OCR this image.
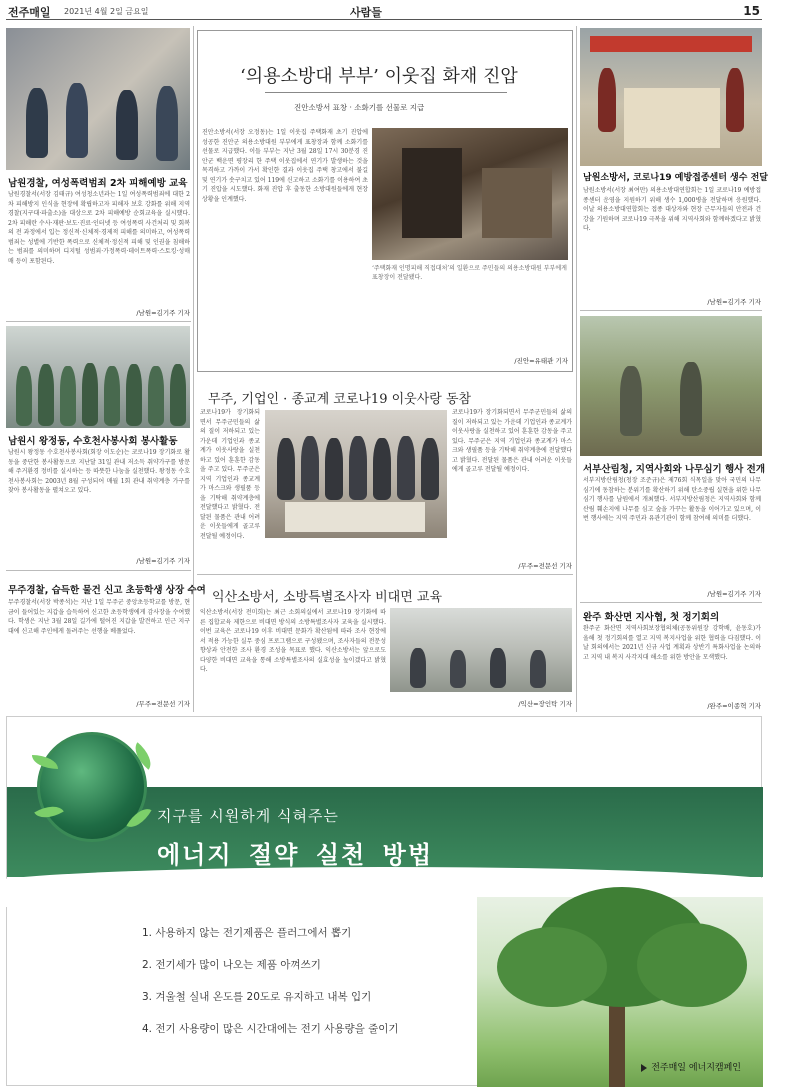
전주매일 2021년 4월 2일 금요일	사람들	15
남원경찰, 여성폭력범죄 2차 피해예방 교육
남원경찰서(서장 김태규) 여성청소년과는 1일 여성폭력범죄에 대한 2차 피해방지 인식을 현장에 확립하고자 피해자 보호 강화를 위해 지역경찰(지구대·파출소)을 대상으로 2차 피해예방 순회교육을 실시했다. 2차 피해란 수사·재판·보도·진료·인터넷 등 여성폭력 사건처리 및 회복의 전 과정에서 입는 정신적·신체적·경제적 피해를 의미하고, 여성폭력범죄는 성별에 기반한 폭력으로 신체적·정신적 피해 및 인권을 침해하는 범죄를 의미하며 디지털 성범죄·가정폭력·데이트폭력·스토킹·성매매 등이 포함된다.
/남원=김기주 기자
남원시 왕정동, 수호천사봉사회 봉사활동
남원시 왕정동 수호천사봉사회(회장 이도순)는 코로나19 장기화로 활동을 중단한 봉사활동으로 지난달 31일 관내 저소득 취약가구를 방문해 주거환경 정비를 실시하는 등 따뜻한 나눔을 실천했다. 왕정동 수호천사봉사회는 2003년 8월 구성되어 매월 1회 관내 취약계층 가구를 찾아 봉사활동을 펼쳐오고 있다.
/남원=김기주 기자
무주경찰, 습득한 물건 신고 초등학생 상장 수여
무주경찰서(서장 박종석)는 지난 1일 무주군 중앙초등학교를 방문, 현금이 들어있는 지갑을 습득하여 신고한 초등학생에게 감사장을 수여했다. 학생은 지난 3월 28일 길가에 떨어진 지갑을 발견하고 인근 지구대에 신고해 주인에게 돌려주는 선행을 베풀었다.
/무주=전문선 기자
‘의용소방대 부부’ 이웃집 화재 진압
진안소방서 표창 · 소화기를 선물로 지급
진안소방서(서장 오정동)는 1일 이웃집 주택화재 초기 진압에 성공한 진안군 의용소방대원 부부에게 표창장과 함께 소화기를 선물로 지급했다. 이들 부부는 지난 3월 28일 17시 30분경 진안군 백운면 평장리 한 주택 이웃집에서 연기가 발생하는 것을 목격하고 가까이 가서 확인한 결과 이웃집 주택 창고에서 불길 및 연기가 솟구치고 있어 119에 신고하고 소화기를 이용하여 초기 진압을 시도했다. 화재 진압 후 출동한 소방대원들에게 현장 상황을 인계했다.
‘주택화재 인명피해 직접대처’의 일환으로 주민들의 의용소방대원 부부에게 표창장이 전달됐다.
/진안=유태관 기자
무주, 기업인 · 종교계 코로나19 이웃사랑 동참
코로나19가 장기화되면서 무주군민들의 삶의 질이 저하되고 있는 가운데 기업인과 종교계가 이웃사랑을 실천하고 있어 훈훈한 감동을 주고 있다. 무주군은 지역 기업인과 종교계가 마스크와 생필품 등을 기탁해 취약계층에 전달했다고 밝혔다. 전달된 물품은 관내 어려운 이웃들에게 골고루 전달될 예정이다.
코로나19가 장기화되면서 무주군민들의 삶의 질이 저하되고 있는 가운데 기업인과 종교계가 이웃사랑을 실천하고 있어 훈훈한 감동을 주고 있다. 무주군은 지역 기업인과 종교계가 마스크와 생필품 등을 기탁해 취약계층에 전달했다고 밝혔다. 전달된 물품은 관내 어려운 이웃들에게 골고루 전달될 예정이다.
/무주=전문선 기자
익산소방서, 소방특별조사자 비대면 교육
익산소방서(서장 전미희)는 최근 소회의실에서 코로나19 장기화에 따른 집합교육 제한으로 비대면 방식의 소방특별조사자 교육을 실시했다. 이번 교육은 코로나19 이후 비대면 문화가 확산됨에 따라 조사 현장에서 적용 가능한 실무 중심 프로그램으로 구성됐으며, 조사자들의 전문성 향상과 안전한 조사 환경 조성을 목표로 했다. 익산소방서는 앞으로도 다양한 비대면 교육을 통해 소방특별조사의 실효성을 높이겠다고 밝혔다.
/익산=장인탁 기자
남원소방서, 코로나19 예방접종센터 생수 전달
남원소방서(서장 최여만) 의용소방대연합회는 1일 코로나19 예방접종센터 운영을 지원하기 위해 생수 1,000병을 전달하며 응원했다. 이날 의용소방대연합회는 접종 대상자와 현장 근무자들의 안전과 건강을 기원하며 코로나19 극복을 위해 지역사회와 함께하겠다고 밝혔다.
/남원=김기주 기자
서부산림청, 지역사회와 나무심기 행사 전개
서부지방산림청(청장 조준규)은 제76회 식목일을 맞아 국민의 나무심기에 동참하는 분위기를 확산하기 위해 탄소중립 실현을 위한 나무심기 행사를 남원에서 개최했다. 서부지방산림청은 지역사회와 함께 산림 훼손지에 나무를 심고 숲을 가꾸는 활동을 이어가고 있으며, 이번 행사에는 지역 주민과 유관기관이 함께 참여해 의미를 더했다.
/남원=김기주 기자
완주 화산면 지사협, 첫 정기회의
완주군 화산면 지역사회보장협의체(공동위원장 강학배, 윤동호)가 올해 첫 정기회의를 열고 지역 복지사업을 위한 협력을 다짐했다. 이날 회의에서는 2021년 신규 사업 계획과 상반기 특화사업을 논의하고 지역 내 복지 사각지대 해소를 위한 방안을 모색했다.
/완주=이종혁 기자
지구를 시원하게 식혀주는
에너지 절약 실천 방법
1. 사용하지 않는 전기제품은 플러그에서 뽑기
2. 전기세가 많이 나오는 제품 아껴쓰기
3. 겨울철 실내 온도를 20도로 유지하고 내복 입기
4. 전기 사용량이 많은 시간대에는 전기 사용량을 줄이기
전주매일 에너지캠페인
